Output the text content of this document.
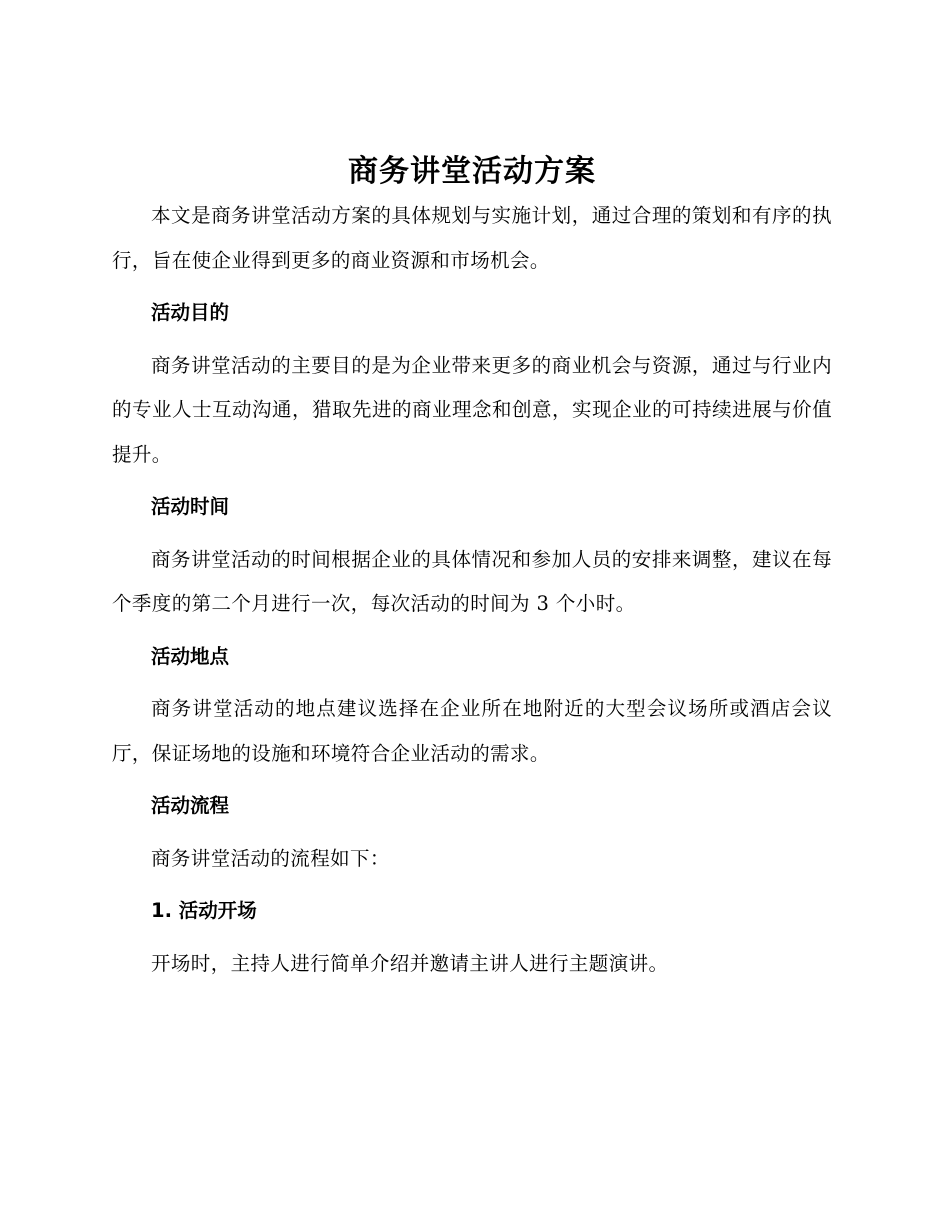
商务讲堂活动方案

本文是商务讲堂活动方案的具体规划与实施计划，通过合理的策划和有序的执行，旨在使企业得到更多的商业资源和市场机会。

活动目的

商务讲堂活动的主要目的是为企业带来更多的商业机会与资源，通过与行业内的专业人士互动沟通，猎取先进的商业理念和创意，实现企业的可持续进展与价值提升。

活动时间

商务讲堂活动的时间根据企业的具体情况和参加人员的安排来调整，建议在每个季度的第二个月进行一次，每次活动的时间为 3 个小时。

活动地点

商务讲堂活动的地点建议选择在企业所在地附近的大型会议场所或酒店会议厅，保证场地的设施和环境符合企业活动的需求。

活动流程

商务讲堂活动的流程如下：

1. 活动开场

开场时，主持人进行简单介绍并邀请主讲人进行主题演讲。
